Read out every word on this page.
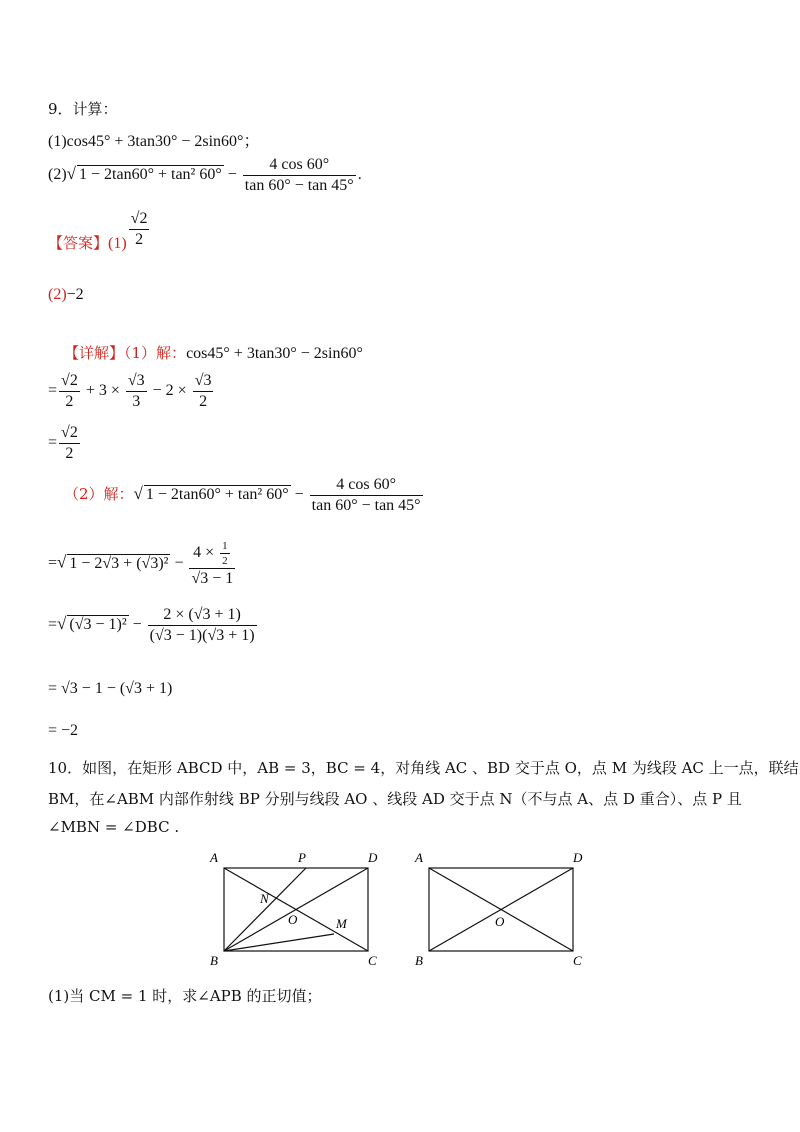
9．计算：
(1)cos45° + 3tan30° − 2sin60°；
(2)√ 1 − 2tan60° + tan² $60^\circ - \frac{4 \cos 60^\circ}{\tan 60^\circ - \tan 45^\circ}$ .
【答案】$(1) \frac{√2}{2}$
(2)−2
【详解】（1）解：cos45° + 3tan30° − 2sin60°
= $\frac{√2}{2} + 3 \times \frac{√3}{3} - 2 \times \frac{√3}{2}$
= $\frac{√2}{2}$
（2）解：√ 1 − 2tan60° + tan² $60^\circ - \frac{4 \cos 60^\circ}{\tan 60^\circ - \tan 45^\circ}$
=√ $1 - 2√3 + (√3)^2 - \frac{4 \times \frac{1}{2}}{√3 - 1}$
=√ $(√3 - 1)^2 - \frac{2 \times (√3 + 1)}{(√3 - 1)(√3 + 1)}$
= √3 − 1 − (√3 + 1)
= −2
10．如图，在矩形 ABCD 中，AB = 3，BC = 4，对角线 AC 、BD 交于点 O，点 M 为线段 AC 上一点，联结
BM，在∠ABM 内部作射线 BP 分别与线段 AO 、线段 AD 交于点 N（不与点 A、点 D 重合）、点 P 且
∠MBN = ∠DBC .
A	P	D
N
O	M
B	C
A	D
O
B	C
(1)当 CM = 1 时，求∠APB 的正切值；
